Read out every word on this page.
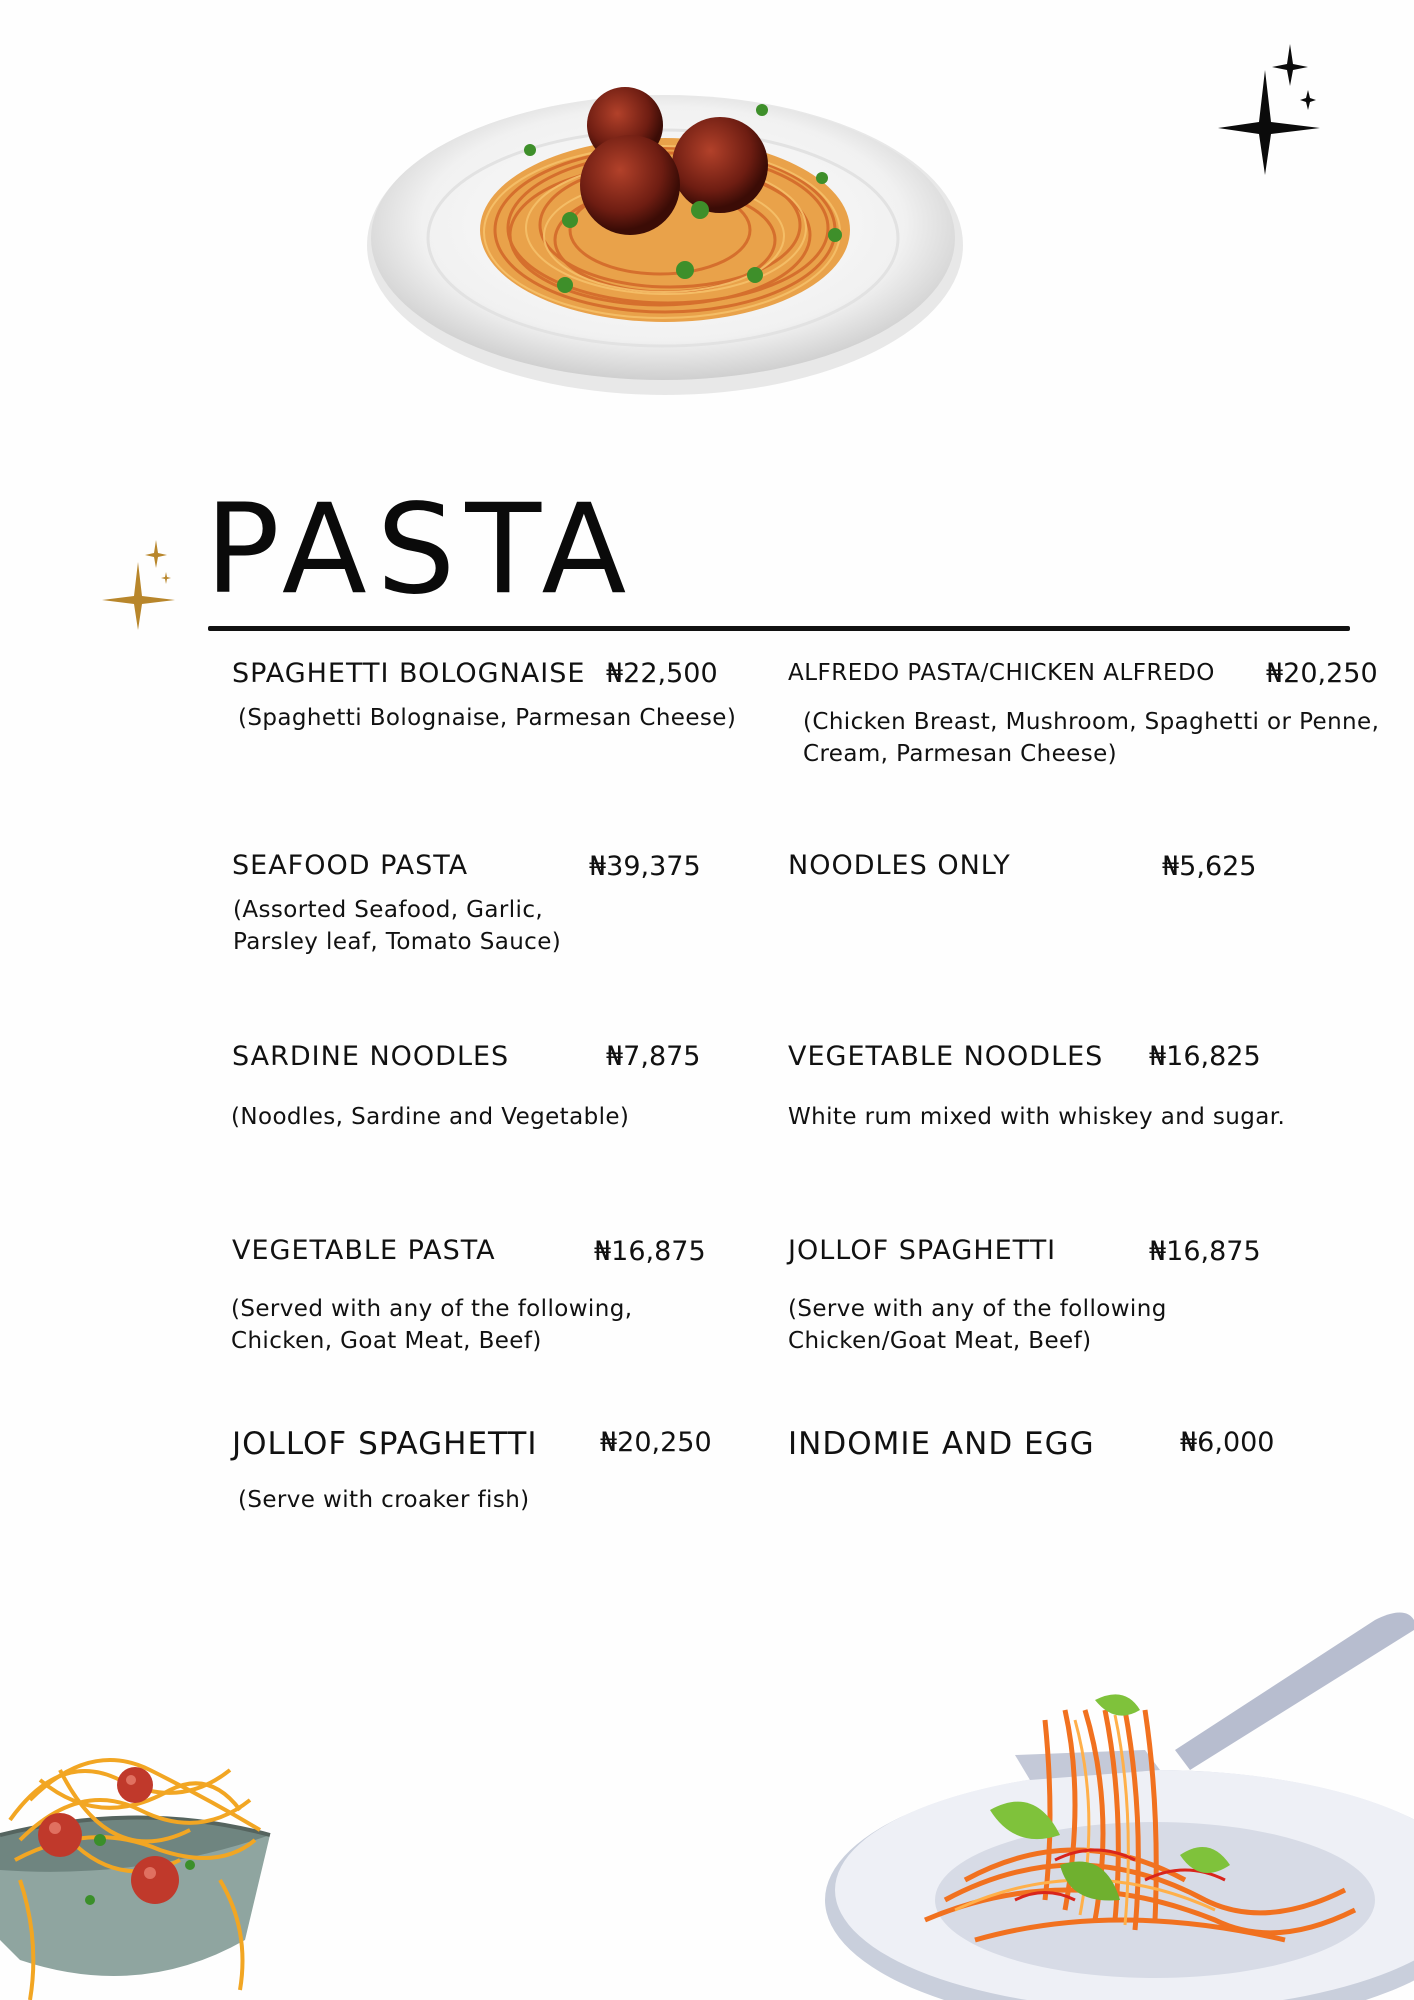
PASTA
SPAGHETTI BOLOGNAISE ₦22,500
(Spaghetti Bolognaise, Parmesan Cheese)
ALFREDO PASTA/CHICKEN ALFREDO ₦20,250
(Chicken Breast, Mushroom, Spaghetti or Penne,
Cream, Parmesan Cheese)
SEAFOOD PASTA	₦39,375
(Assorted Seafood, Garlic,
Parsley leaf, Tomato Sauce)
NOODLES ONLY	₦5,625
SARDINE NOODLES	₦7,875
(Noodles, Sardine and Vegetable)
VEGETABLE NOODLES ₦16,825
White rum mixed with whiskey and sugar.
VEGETABLE PASTA	₦16,875
(Served with any of the following,
Chicken, Goat Meat, Beef)
JOLLOF SPAGHETTI	₦16,875
(Serve with any of the following
Chicken/Goat Meat, Beef)
JOLLOF SPAGHETTI ₦20,250
(Serve with croaker fish)
INDOMIE AND EGG	₦6,000
